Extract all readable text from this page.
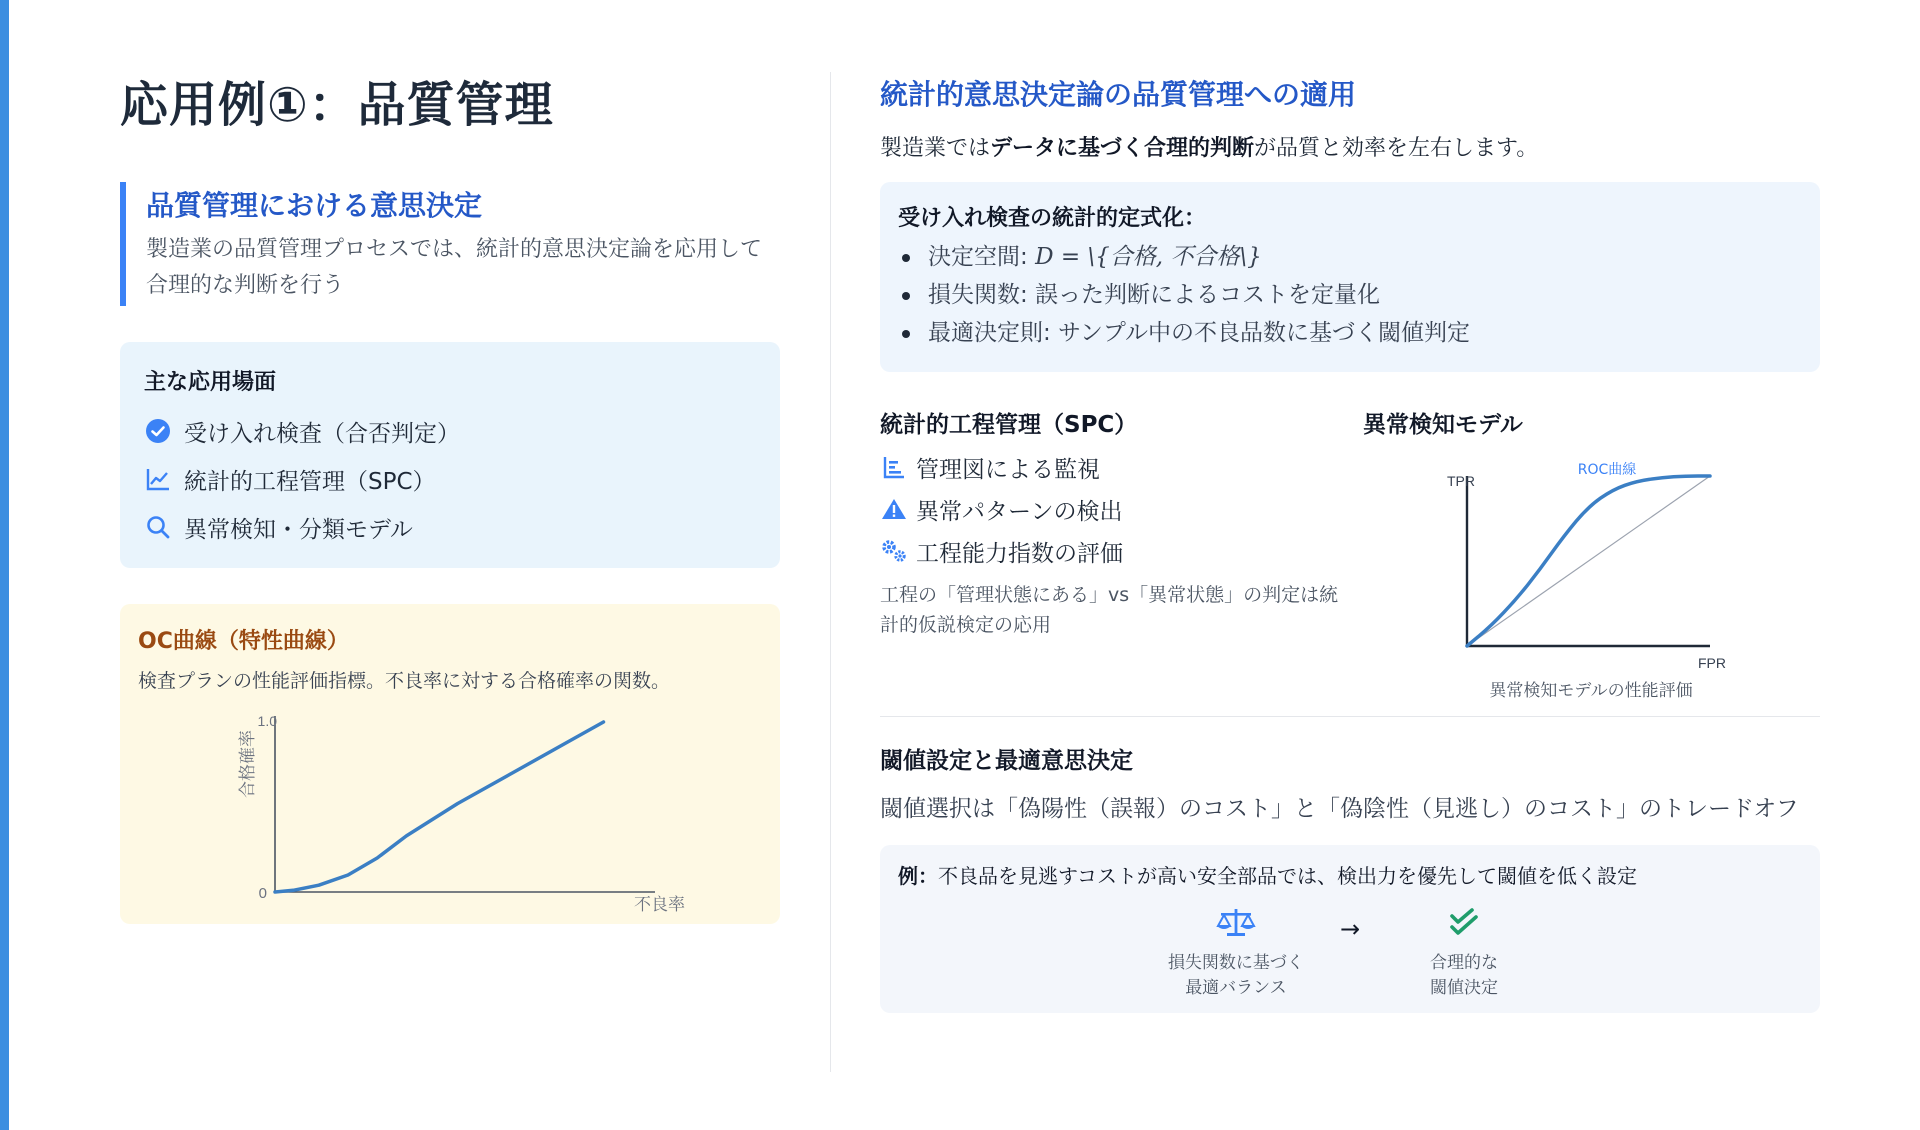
応用例①：品質管理
品質管理における意思決定
製造業の品質管理プロセスでは、統計的意思決定論を応用して合理的な判断を行う
主な応用場面
受け入れ検査（合否判定）
統計的工程管理（SPC）
異常検知・分類モデル
OC曲線（特性曲線）
検査プランの性能評価指標。不良率に対する合格確率の関数。
0
1.0
不良率
合格確率
統計的意思決定論の品質管理への適用
製造業ではデータに基づく合理的判断が品質と効率を左右します。
受け入れ検査の統計的定式化：
決定空間: D = \{合格, 不合格\}
損失関数: 誤った判断によるコストを定量化
最適決定則: サンプル中の不良品数に基づく閾値判定
統計的工程管理（SPC）
管理図による監視
異常パターンの検出
工程能力指数の評価
工程の「管理状態にある」vs「異常状態」の判定は統計的仮説検定の応用
異常検知モデル
TPR
FPR
ROC曲線
異常検知モデルの性能評価
閾値設定と最適意思決定
閾値選択は「偽陽性（誤報）のコスト」と「偽陰性（見逃し）のコスト」のトレードオフ
例：不良品を見逃すコストが高い安全部品では、検出力を優先して閾値を低く設定
損失関数に基づく
最適バランス
→
合理的な
閾値決定
